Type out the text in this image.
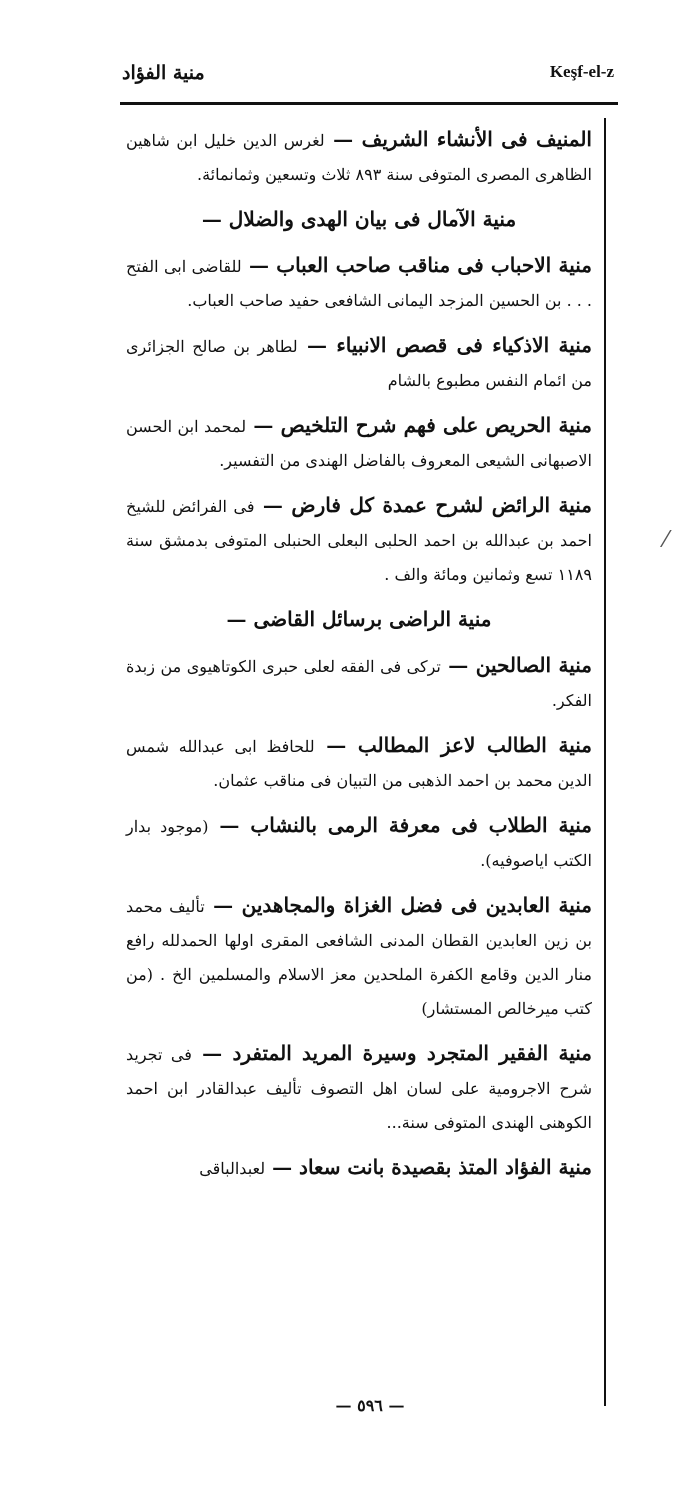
منية الفؤاد	Keşf-el-z
⁄
المنيف فى الأنشاء الشريف — لغرس الدين خليل ابن شاهين الظاهرى المصرى المتوفى سنة ٨٩٣ ثلاث وتسعين وثمانمائة.
منية الآمال فى بيان الهدى والضلال —
منية الاحباب فى مناقب صاحب العباب — للقاضى ابى الفتح . . . بن الحسين المزجد اليمانى الشافعى حفيد صاحب العباب.
منية الاذكياء فى قصص الانبياء — لطاهر بن صالح الجزائرى من ائمام النفس مطبوع بالشام
منية الحريص على فهم شرح التلخيص — لمحمد ابن الحسن الاصبهانى الشيعى المعروف بالفاضل الهندى من التفسير.
منية الرائض لشرح عمدة كل فارض — فى الفرائض للشيخ احمد بن عبدالله بن احمد الحلبى البعلى الحنبلى المتوفى بدمشق سنة ١١٨٩ تسع وثمانين ومائة والف .
منية الراضى برسائل القاضى —
منية الصالحين — تركى فى الفقه لعلى حبرى الكوتاهيوى من زبدة الفكر.
منية الطالب لاعز المطالب — للحافظ ابى عبدالله شمس الدين محمد بن احمد الذهبى من التبيان فى مناقب عثمان.
منية الطلاب فى معرفة الرمى بالنشاب — (موجود بدار الكتب اياصوفيه).
منية العابدين فى فضل الغزاة والمجاهدين — تأليف محمد بن زين العابدين القطان المدنى الشافعى المقرى اولها الحمدلله رافع منار الدين وقامع الكفرة الملحدين معز الاسلام والمسلمين الخ . (من كتب ميرخالص المستشار)
منية الفقير المتجرد وسيرة المريد المتفرد — فى تجريد شرح الاجرومية على لسان اهل التصوف تأليف عبدالقادر ابن احمد الكوهنى الهندى المتوفى سنة...
منية الفؤاد المتذ بقصيدة بانت سعاد — لعبدالباقى
— ٥٩٦ —
